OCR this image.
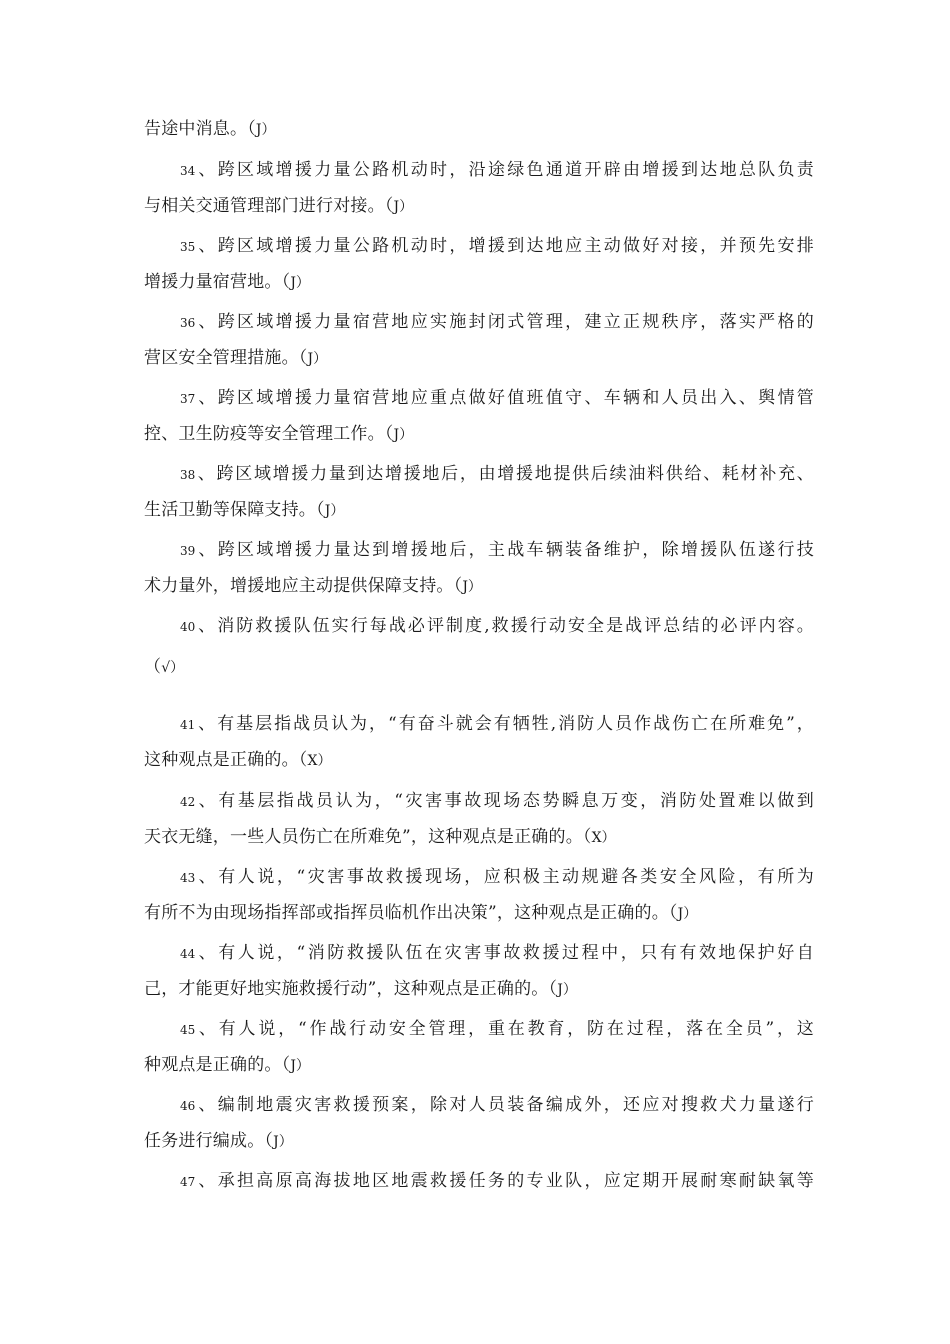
告途中消息。（J）
34、跨区域增援力量公路机动时，沿途绿色通道开辟由增援到达地总队负责
与相关交通管理部门进行对接。（J）
35、跨区域增援力量公路机动时，增援到达地应主动做好对接，并预先安排
增援力量宿营地。（J）
36、跨区域增援力量宿营地应实施封闭式管理，建立正规秩序，落实严格的
营区安全管理措施。（J）
37、跨区域增援力量宿营地应重点做好值班值守、车辆和人员出入、舆情管
控、卫生防疫等安全管理工作。（J）
38、跨区域增援力量到达增援地后，由增援地提供后续油料供给、耗材补充、
生活卫勤等保障支持。（J）
39、跨区域增援力量达到增援地后，主战车辆装备维护，除增援队伍遂行技
术力量外，增援地应主动提供保障支持。（J）
40、消防救援队伍实行每战必评制度,救援行动安全是战评总结的必评内容。
（√）
41、有基层指战员认为，“有奋斗就会有牺牲,消防人员作战伤亡在所难免”，
这种观点是正确的。（X）
42、有基层指战员认为，“灾害事故现场态势瞬息万变，消防处置难以做到
天衣无缝，一些人员伤亡在所难免”，这种观点是正确的。（X）
43、有人说，“灾害事故救援现场，应积极主动规避各类安全风险，有所为
有所不为由现场指挥部或指挥员临机作出决策”，这种观点是正确的。（J）
44、有人说，“消防救援队伍在灾害事故救援过程中，只有有效地保护好自
己，才能更好地实施救援行动”，这种观点是正确的。（J）
45、有人说，“作战行动安全管理，重在教育，防在过程，落在全员”，这
种观点是正确的。（J）
46、编制地震灾害救援预案，除对人员装备编成外，还应对搜救犬力量遂行
任务进行编成。（J）
47、承担高原高海拔地区地震救援任务的专业队，应定期开展耐寒耐缺氧等
